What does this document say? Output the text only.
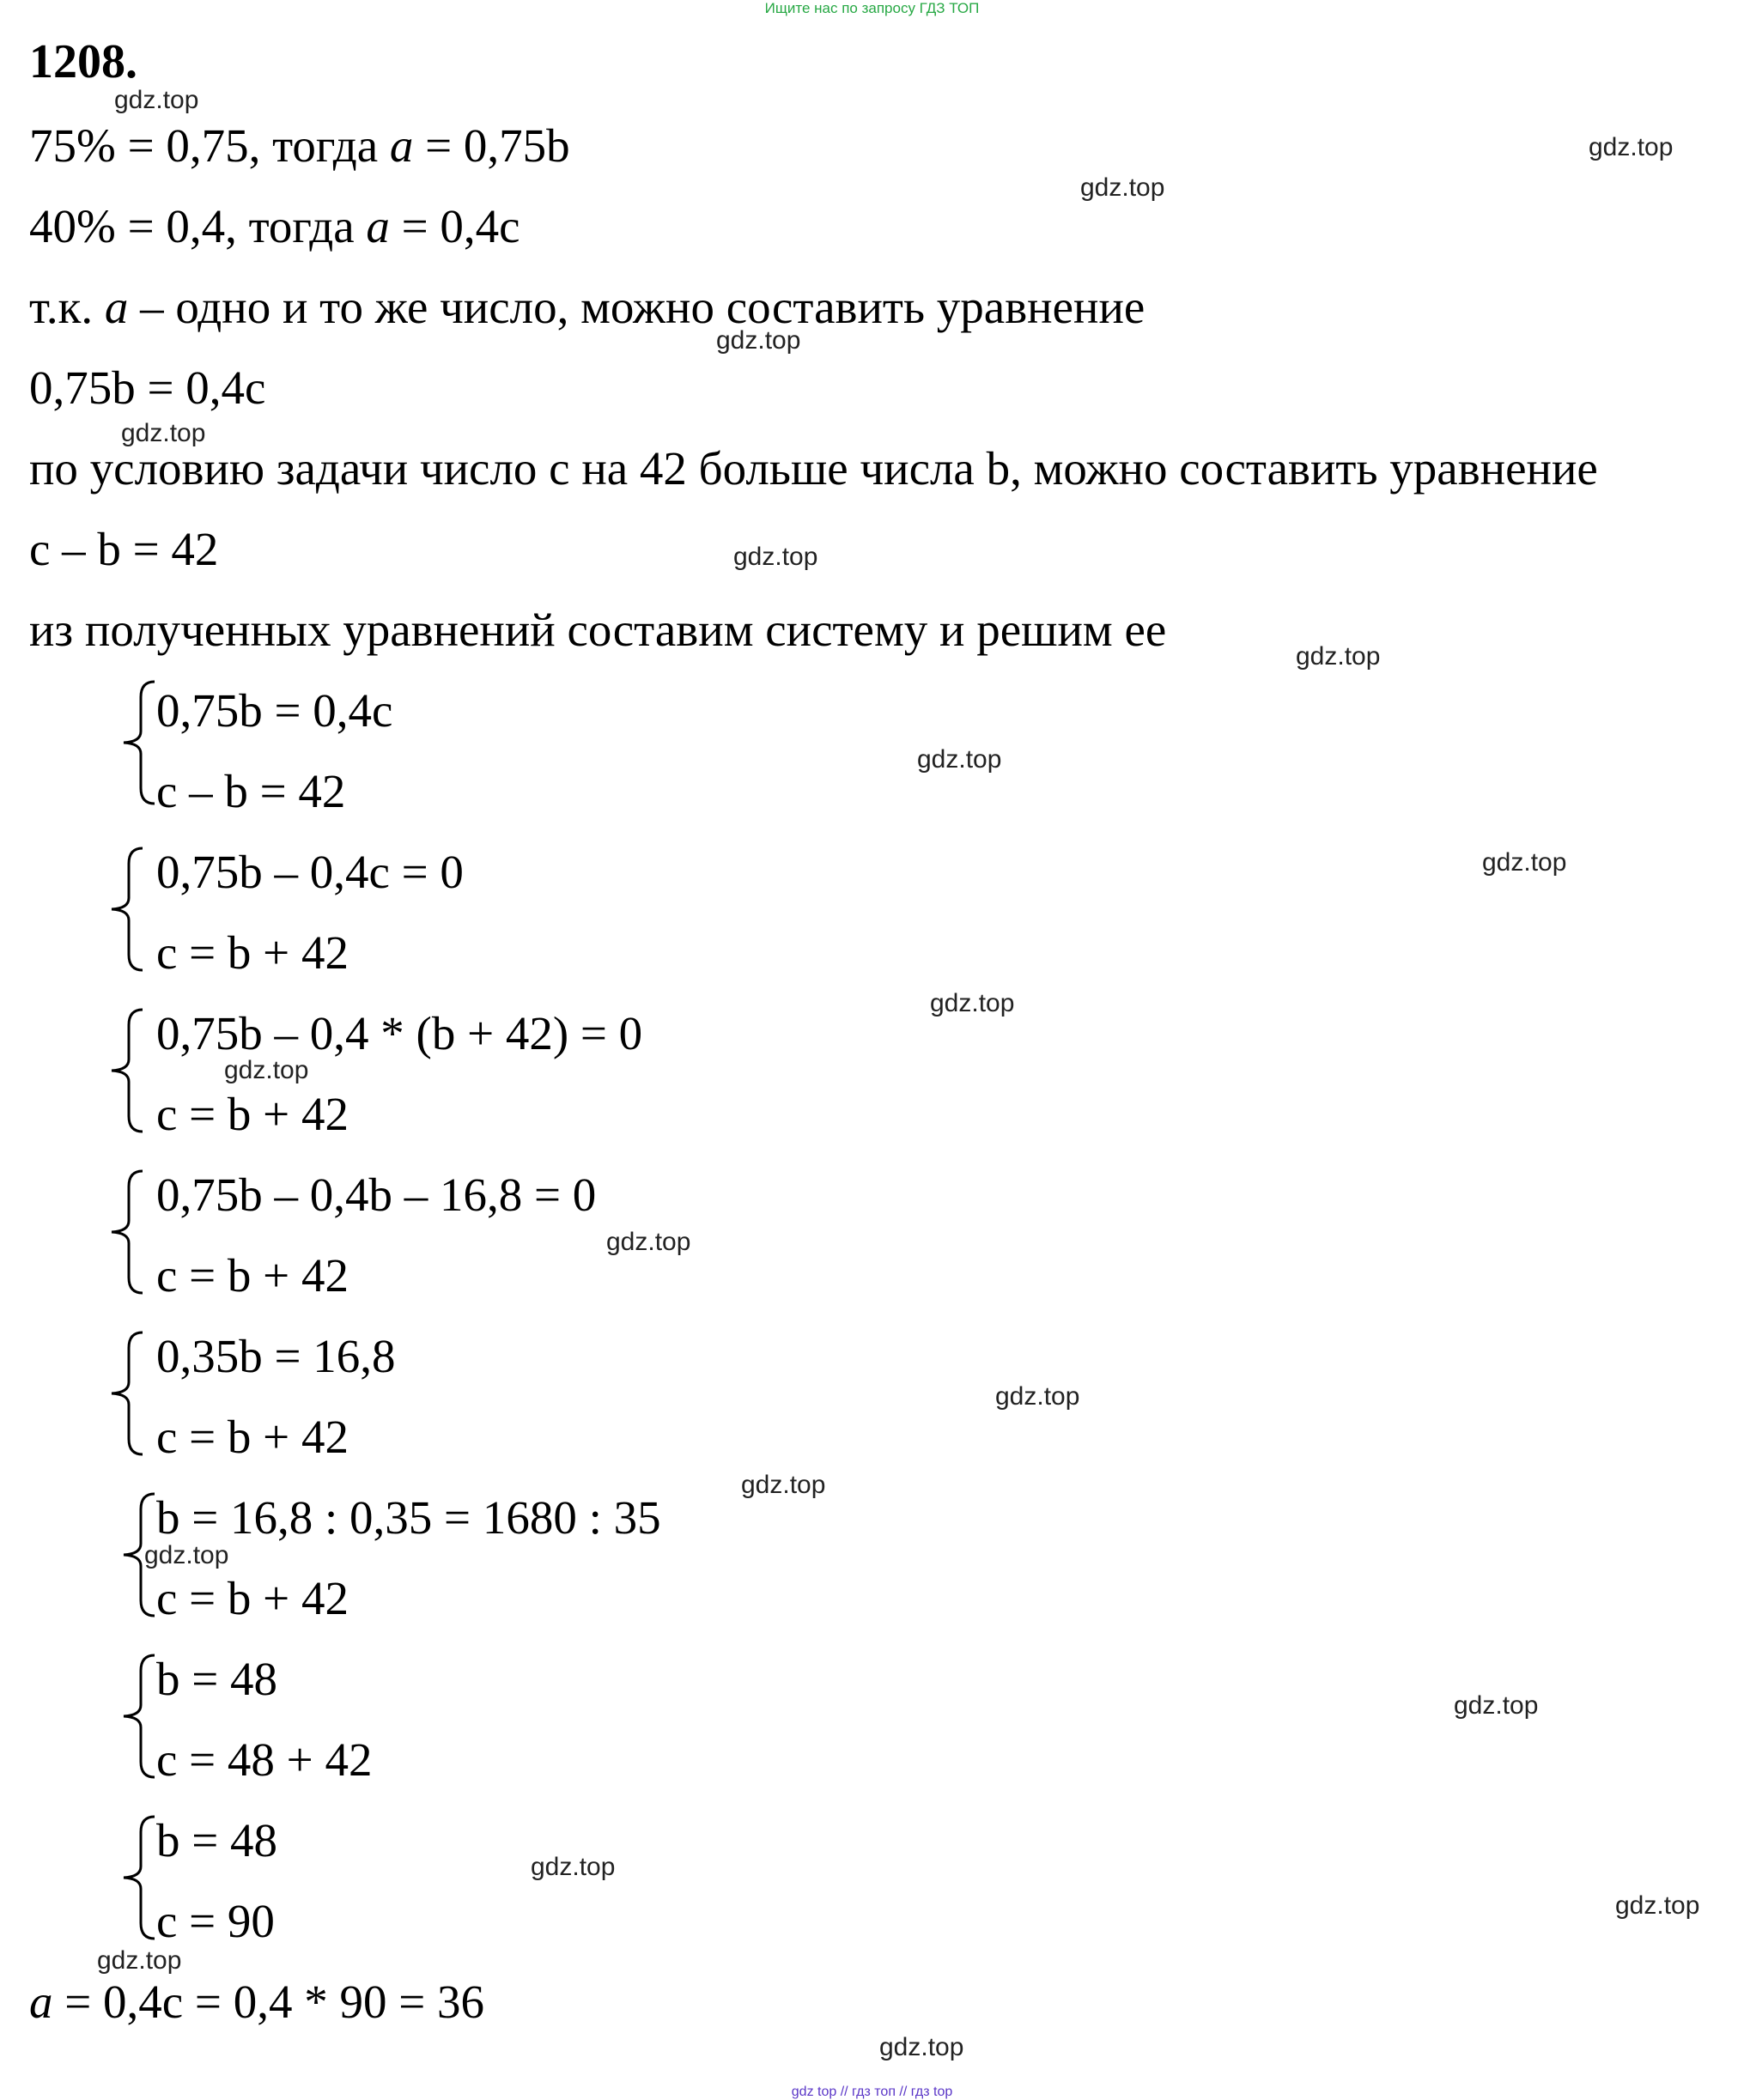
Ищите нас по запросу ГДЗ ТОП
1208.
75% = 0,75, тогда a = 0,75b
40% = 0,4, тогда a = 0,4c
т.к. a – одно и то же число, можно составить уравнение
0,75b = 0,4c
по условию задачи число c на 42 больше числа b, можно составить уравнение
c – b = 42
из полученных уравнений составим систему и решим ее
0,75b = 0,4c
c – b = 42
0,75b – 0,4c = 0
c = b + 42
0,75b – 0,4 * (b + 42) = 0
c = b + 42
0,75b – 0,4b – 16,8 = 0
c = b + 42
0,35b = 16,8
c = b + 42
b = 16,8 : 0,35 = 1680 : 35
c = b + 42
b = 48
c = 48 + 42
b = 48
c = 90
a = 0,4c = 0,4 * 90 = 36
gdz.top
gdz.top
gdz.top
gdz.top
gdz.top
gdz.top
gdz.top
gdz.top
gdz.top
gdz.top
gdz.top
gdz.top
gdz.top
gdz.top
gdz.top
gdz.top
gdz.top
gdz.top
gdz.top
gdz.top
gdz top // гдз топ // гдз top
